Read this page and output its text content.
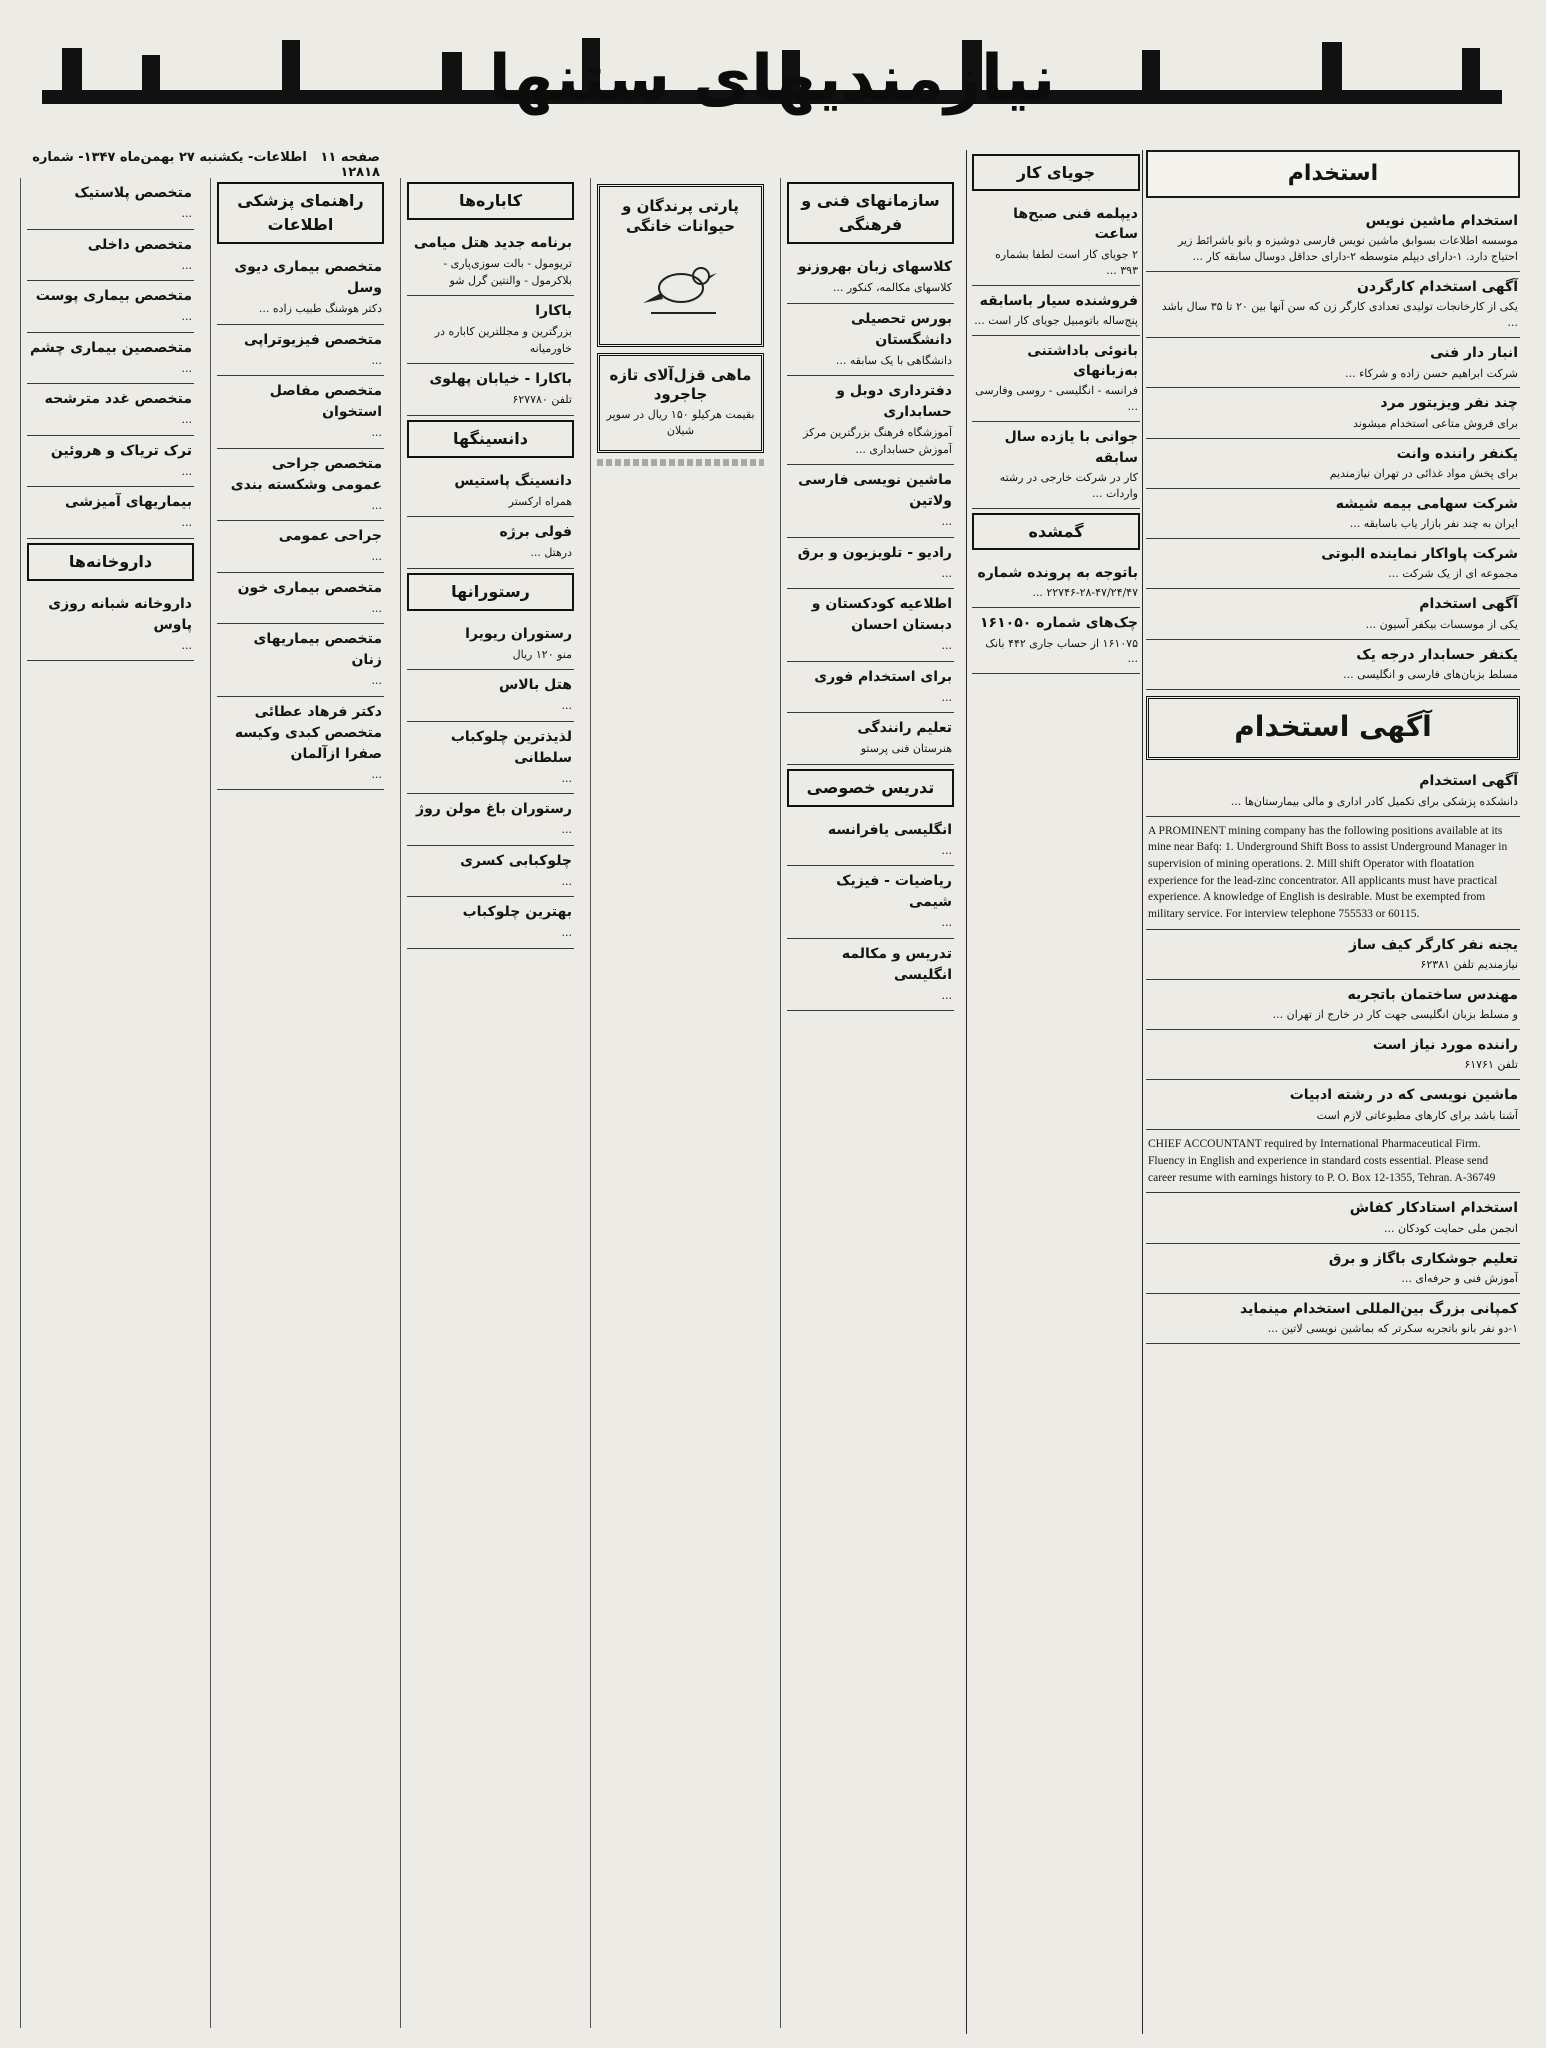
نیازمندیهای ستنها
صفحه ۱۱   اطلاعات- یکشنبه ۲۷ بهمن‌ماه ۱۳۴۷- شماره ۱۲۸۱۸	استخدام
استخدام ماشین نویس
موسسه اطلاعات بسوابق ماشین نویس فارسی دوشیزه و بانو باشرائط زیر احتیاج دارد. ۱-دارای دیپلم متوسطه ۲-دارای حداقل دوسال سابقه کار ...
آگهی استخدام کارگردن
یکی از کارخانجات تولیدی تعدادی کارگر زن که سن آنها بین ۲۰ تا ۳۵ سال باشد ...
انبار دار فنی
شرکت ابراهیم حسن زاده و شرکاء ...
چند نفر ویزیتور مرد
برای فروش متاعی استخدام میشوند
یکنفر راننده وانت
برای پخش مواد غذائی در تهران نیازمندیم
شرکت سهامی بیمه شیشه
ایران به چند نفر بازار یاب باسابقه ...
شرکت پاواکار نماینده البوتی
مجموعه ای از یک شرکت ...
آگهی استخدام
یکی از موسسات بیکفر آسیون ...
یکنفر حسابدار درجه یک
مسلط بزبان‌های فارسی و انگلیسی ...
آگهی استخدام
آگهی استخدام
دانشکده پزشکی برای تکمیل کادر اداری و مالی بیمارستان‌ها ...
A PROMINENT mining company has the following positions available at its mine near Bafq: 1. Underground Shift Boss to assist Underground Manager in supervision of mining operations. 2. Mill shift Operator with floatation experience for the lead-zinc concentrator. All applicants must have practical experience. A knowledge of English is desirable. Must be exempted from military service. For interview telephone 755533 or 60115.
یجنه نفر کارگر کیف ساز
نیازمندیم تلفن ۶۲۳۸۱
مهندس ساختمان باتجربه
و مسلط بزبان انگلیسی جهت کار در خارج از تهران ...
راننده مورد نیاز است
تلفن ۶۱۷۶۱
ماشین نویسی که در رشته ادبیات
آشنا باشد برای کارهای مطبوعاتی لازم است
CHIEF ACCOUNTANT required by International Pharmaceutical Firm. Fluency in English and experience in standard costs essential. Please send career resume with earnings history to P. O. Box 12-1355, Tehran. A-36749
استخدام استادکار کفاش
انجمن ملی حمایت کودکان ...
تعلیم جوشکاری باگاز و برق
آموزش فنی و حرفه‌ای ...
کمپانی بزرگ بین‌المللی استخدام مینماید
۱-دو نفر بانو باتجربه سکرتر که بماشین نویسی لاتین ...
جویای کار
دیپلمه فنی صبح‌ها ساعت
۲ جویای کار است لطفا بشماره ۳۹۳ ...
فروشنده سیار باسابقه
پنج‌ساله باتومبیل جویای کار است ...
بانوئی باداشتنی به‌زبانهای
فرانسه - انگلیسی - روسی وفارسی ...
جوانی با یازده سال سابقه
کار در شرکت خارجی در رشته واردات ...
گمشده
باتوجه به پرونده شماره
۲۲۷۴۶-۲۸-۴۷/۲۴/۴۷ ...
چک‌های شماره ۱۶۱۰۵۰
۱۶۱۰۷۵ از حساب جاری ۴۴۲ بانک ...
سازمانهای فنی و فرهنگی
کلاسهای زبان بهروزنو
کلاسهای مکالمه، کنکور ...
بورس تحصیلی دانشگستان
دانشگاهی با یک سابقه ...
دفترداری دوبل و حسابداری
آموزشگاه فرهنگ بزرگترین مرکز آموزش حسابداری ...
ماشین نویسی فارسی ولاتین
...
رادیو - تلویزیون و برق
...
اطلاعیه کودکستان و دبستان احسان
...
برای استخدام فوری
...
تعلیم رانندگی
هنرستان فنی پرستو
تدریس خصوصی
انگلیسی یافرانسه
...
ریاضیات - فیزیک شیمی
...
تدریس و مکالمه انگلیسی
...
پارتی پرندگان و حیوانات خانگی
ماهی قزل‌آلای تازه جاجرود
بقیمت هرکیلو ۱۵۰ ریال در سوپر شیلان
کاباره‌ها
برنامه جدید هتل میامی
تریومول - بالت سوزی‌پاری - بلاکرمول - والنتین گرل شو
باکارا
بزرگترین و مجللترین کاباره در خاورمیانه
باکارا - خیابان پهلوی
تلفن ۶۲۷۷۸۰
دانسینگها
دانسینگ پاستیس
همراه ارکستر
فولی برژه
درهتل ...
رستورانها
رستوران ریویرا
منو ۱۲۰ ریال
هتل بالاس
...
لذیذترین چلوکباب سلطانی
...
رستوران باغ مولن روژ
...
چلوکبابی کسری
...
بهترین چلوکباب
...
راهنمای پزشکی اطلاعات
متخصص بیماری دیوی وسل
دکتر هوشنگ طبیب زاده ...
متخصص فیزیوتراپی
...
متخصص مفاصل استخوان
...
متخصص جراحی عمومی وشکسته بندی
...
جراحی عمومی
...
متخصص بیماری خون
...
متخصص بیماریهای زنان
...
دکتر فرهاد عطائی متخصص کبدی وکیسه صفرا ازآلمان
...
متخصص پلاستیک
...
متخصص داخلی
...
متخصص بیماری پوست
...
متخصصین بیماری چشم
...
متخصص غدد مترشحه
...
ترک تریاک و هروئین
...
بیماریهای آمیزشی
...
داروخانه‌ها
داروخانه شبانه روزی پاوس
...
